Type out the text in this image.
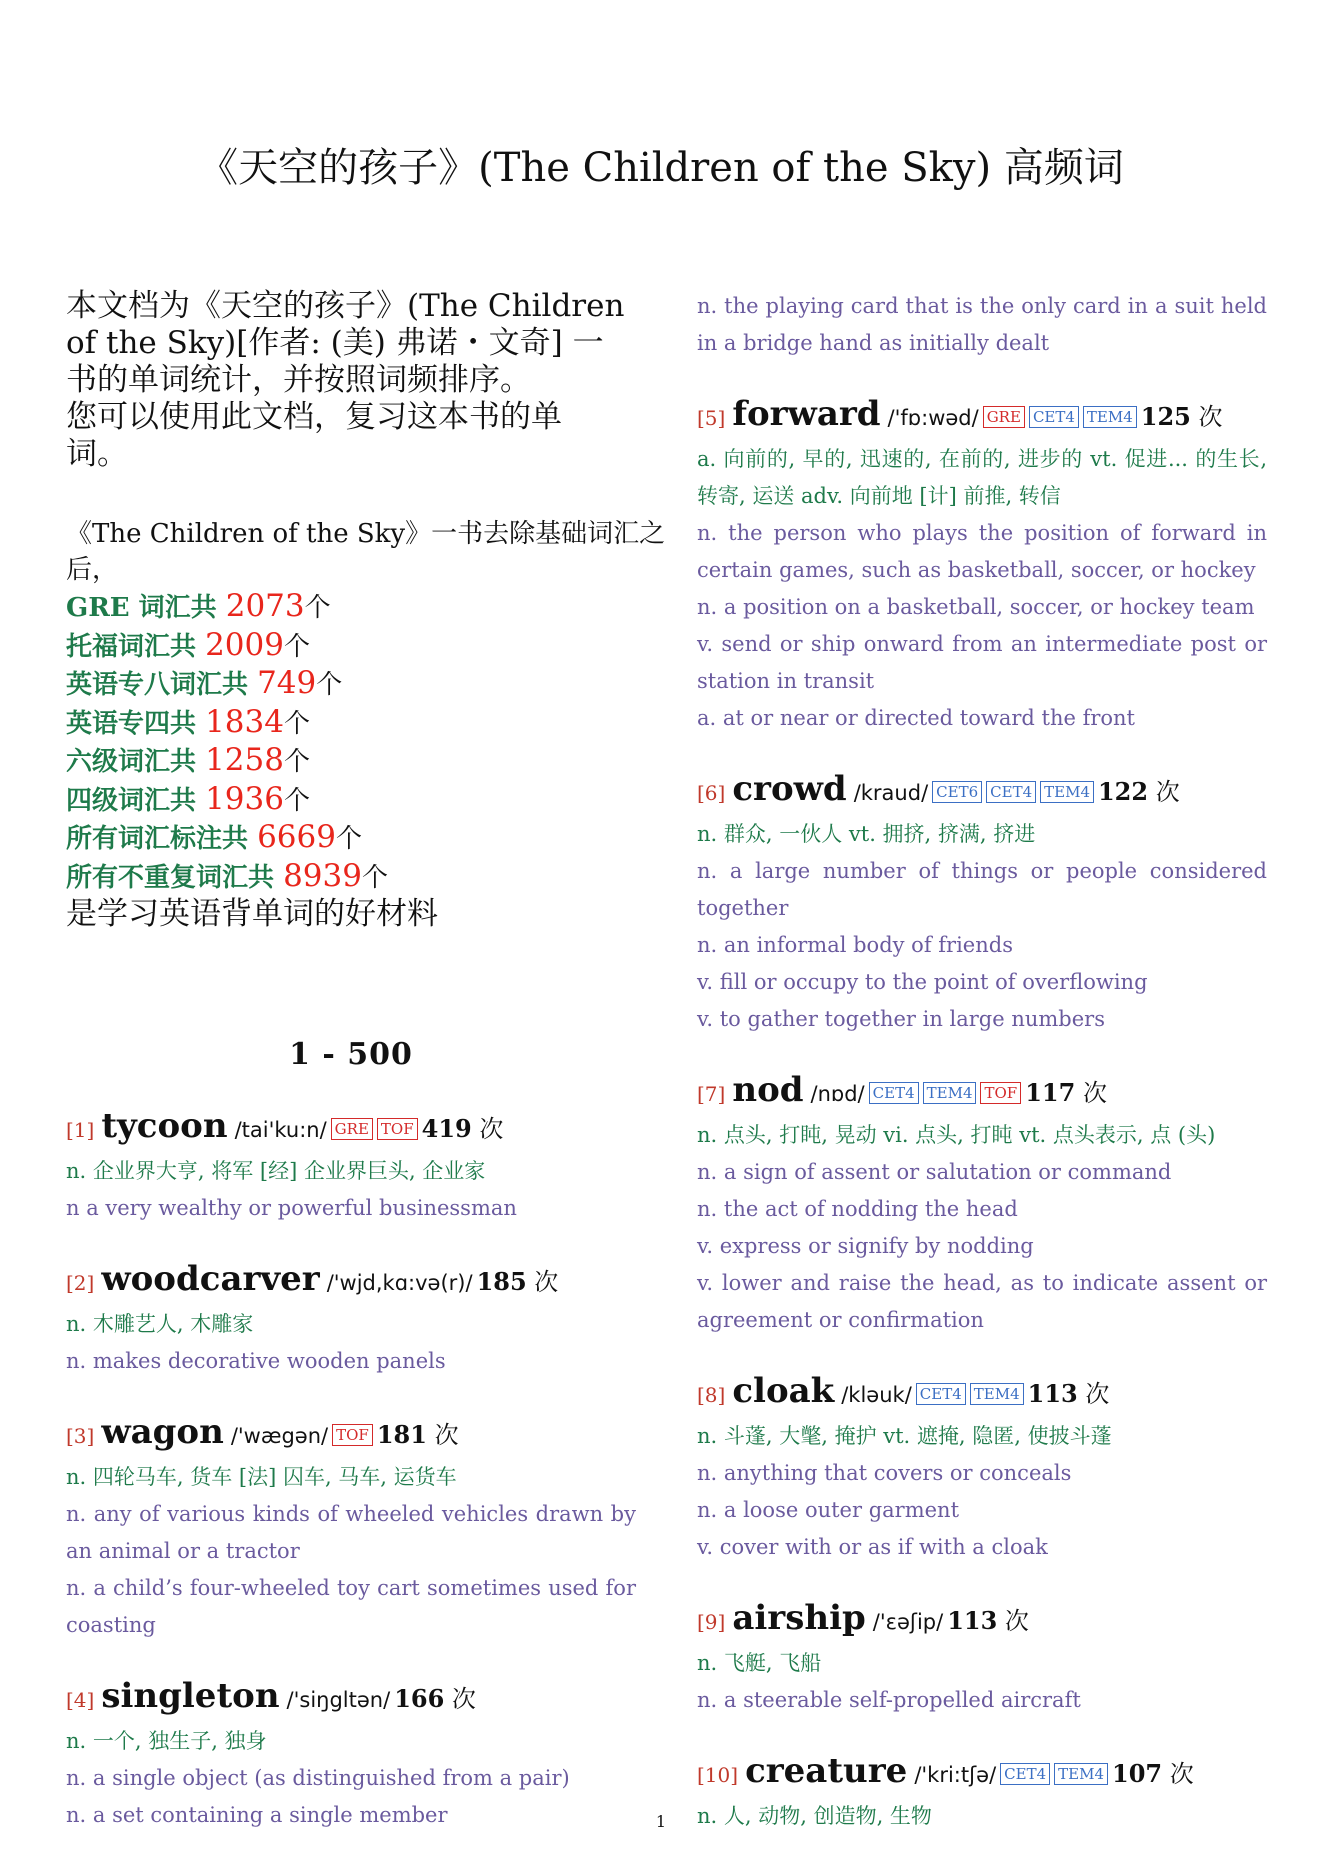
《天空的孩子》(The Children of the Sky) 高频词
本文档为《天空的孩子》(The Children
of the Sky)[作者: (美) 弗诺・文奇] 一
书的单词统计，并按照词频排序。
您可以使用此文档，复习这本书的单
词。
《The Children of the Sky》一书去除基础词汇之
后，
GRE 词汇共 2073个
托福词汇共 2009个
英语专八词汇共 749个
英语专四共 1834个
六级词汇共 1258个
四级词汇共 1936个
所有词汇标注共 6669个
所有不重复词汇共 8939个
是学习英语背单词的好材料
1 - 500
[1] tycoon /tai'ku:n/ GRE TOF 419 次

n. 企业界大亨, 将军 [经] 企业界巨头, 企业家

n a very wealthy or powerful businessman

[2] woodcarver /'wjd,kɑ:və(r)/ 185 次

n. 木雕艺人, 木雕家

n. makes decorative wooden panels

[3] wagon /'wægən/ TOF 181 次

n. 四轮马车, 货车 [法] 囚车, 马车, 运货车

n. any of various kinds of wheeled vehicles drawn by an animal or a tractor

n. a child’s four-wheeled toy cart sometimes used for coasting

[4] singleton /'siŋgltən/ 166 次

n. 一个, 独生子, 独身

n. a single object (as distinguished from a pair)

n. a set containing a single member

n. the playing card that is the only card in a suit held in a bridge hand as initially dealt

[5] forward /'fɒ:wəd/ GRE CET4 TEM4 125 次

a. 向前的, 早的, 迅速的, 在前的, 进步的 vt. 促进... 的生长, 转寄, 运送 adv. 向前地 [计] 前推, 转信

n. the person who plays the position of forward in certain games, such as basketball, soccer, or hockey

n. a position on a basketball, soccer, or hockey team

v. send or ship onward from an intermediate post or station in transit

a. at or near or directed toward the front

[6] crowd /kraud/ CET6 CET4 TEM4 122 次

n. 群众, 一伙人 vt. 拥挤, 挤满, 挤进

n. a large number of things or people considered together

n. an informal body of friends

v. fill or occupy to the point of overflowing

v. to gather together in large numbers

[7] nod /nɒd/ CET4 TEM4 TOF 117 次

n. 点头, 打盹, 晃动 vi. 点头, 打盹 vt. 点头表示, 点 (头)

n. a sign of assent or salutation or command

n. the act of nodding the head

v. express or signify by nodding

v. lower and raise the head, as to indicate assent or agreement or confirmation

[8] cloak /kləuk/ CET4 TEM4 113 次

n. 斗蓬, 大氅, 掩护 vt. 遮掩, 隐匿, 使披斗蓬

n. anything that covers or conceals

n. a loose outer garment

v. cover with or as if with a cloak

[9] airship /'εəʃip/ 113 次

n. 飞艇, 飞船

n. a steerable self-propelled aircraft

[10] creature /'kri:tʃə/ CET4 TEM4 107 次

n. 人, 动物, 创造物, 生物

1
